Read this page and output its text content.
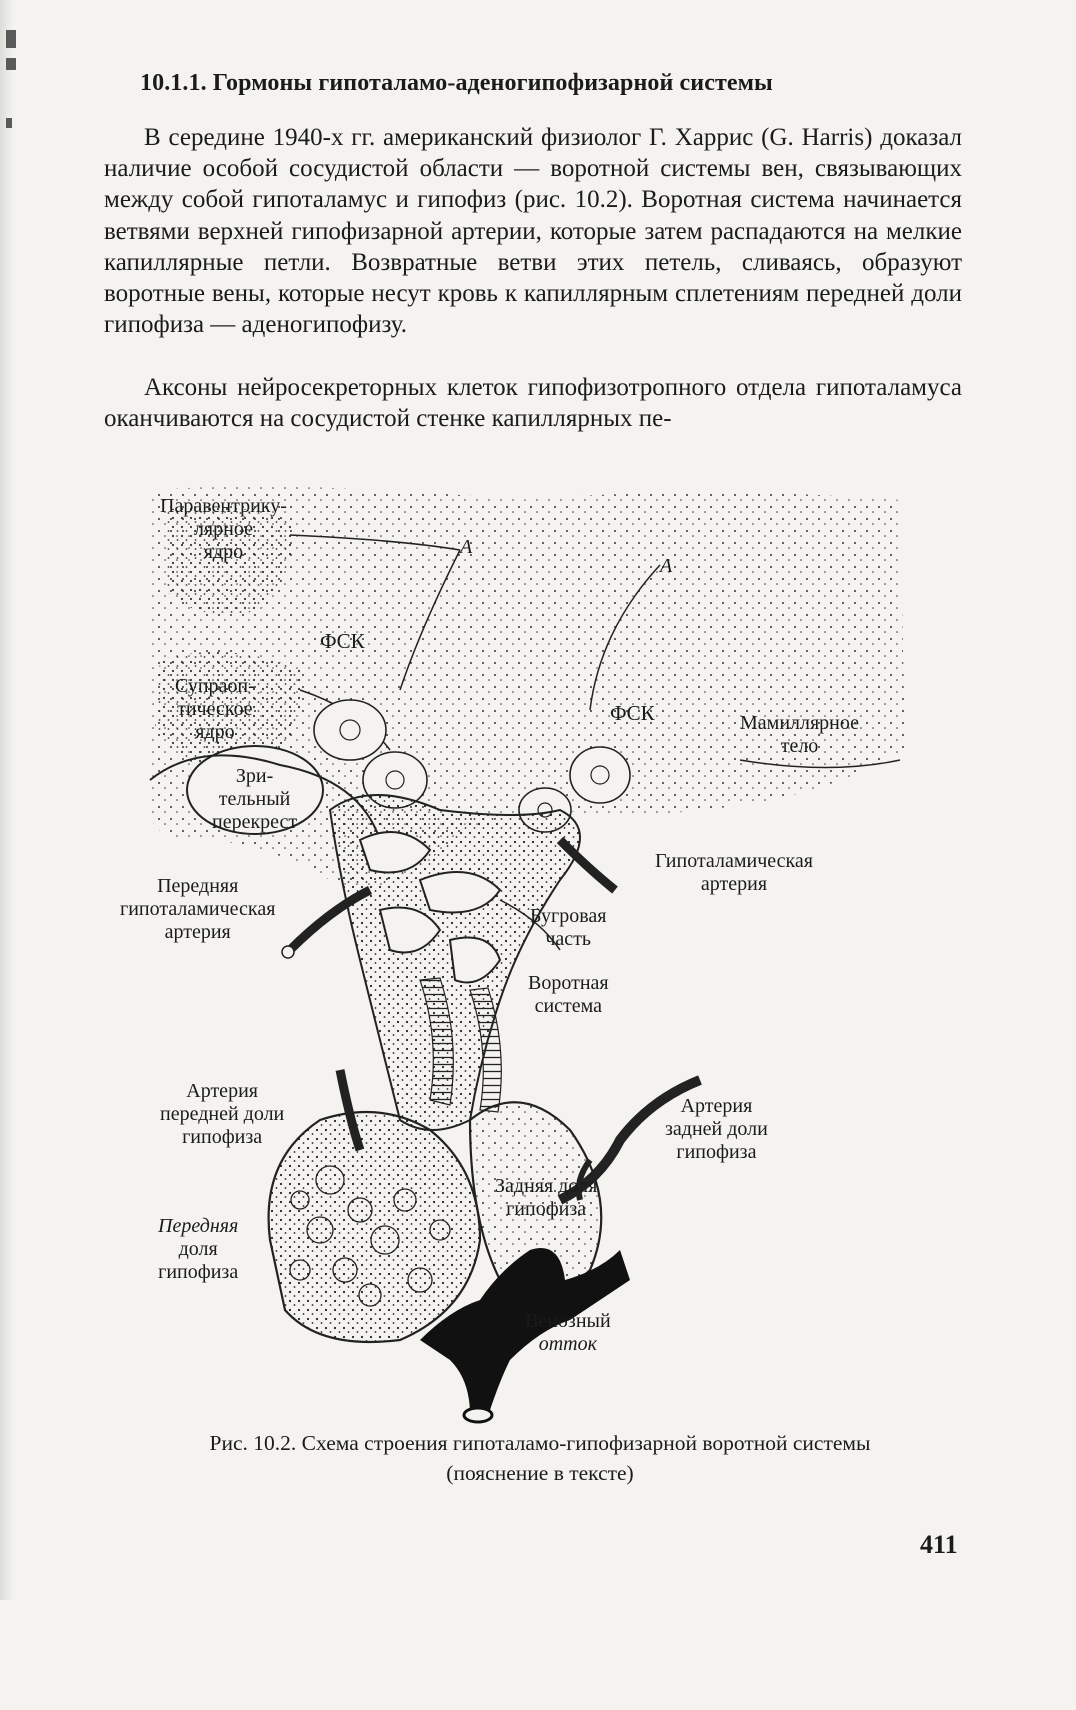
10.1.1. Гормоны гипоталамо-аденогипофизарной системы

В середине 1940-х гг. американский физиолог Г. Харрис (G. Harris) доказал наличие особой сосудистой области — воротной системы вен, связывающих между собой гипоталамус и гипофиз (рис. 10.2). Воротная система начинается ветвями верхней гипофизарной артерии, которые затем распадаются на мелкие капиллярные петли. Возвратные ветви этих петель, сливаясь, образуют воротные вены, которые несут кровь к капиллярным сплетениям передней доли гипофиза — аденогипофизу.

Аксоны нейросекреторных клеток гипофизотропного отдела гипоталамуса оканчиваются на сосудистой стенке капиллярных пе-

Паравентрику-
лярное
ядро
ФСК
А
А
ФСК
Супраоп-
тическое
ядро	Мамиллярное
тело
Зри-
тельный
перекрест
Гипоталамическая
артерия
Передняя
гипоталамическая
артерия
Бугровая
часть
Воротная
система
Артерия
передней доли
гипофиза
Артерия
задней доли
гипофиза
Задняя доля
гипофиза
Передняя
доля
гипофиза
Венозный
отток
Рис. 10.2. Схема строения гипоталамо-гипофизарной воротной системы
(пояснение в тексте)
411
